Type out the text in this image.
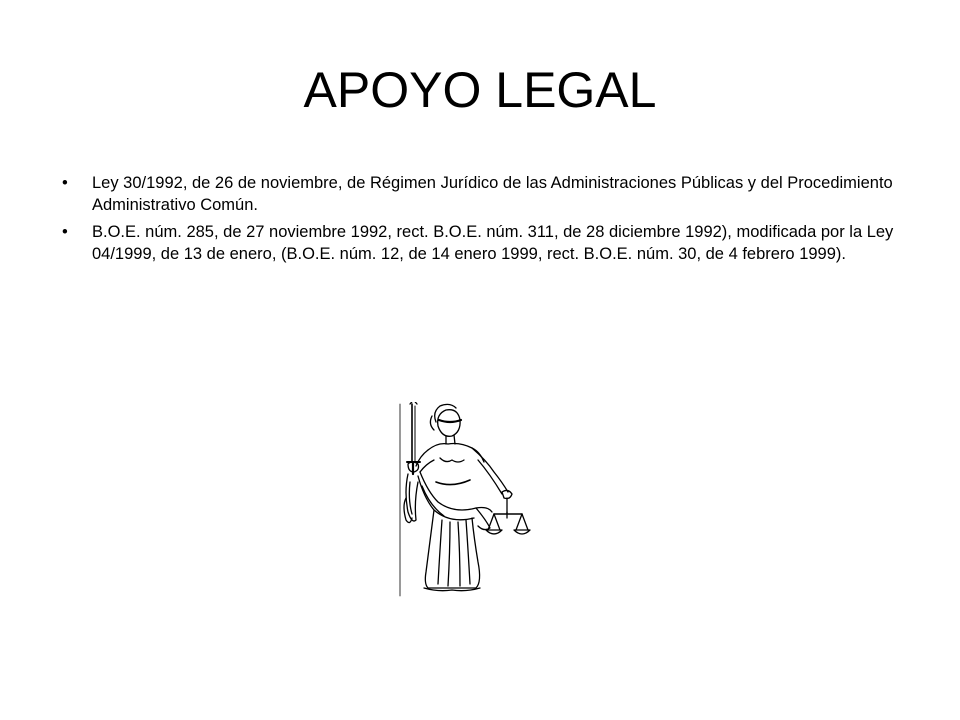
APOYO LEGAL
•	Ley 30/1992, de 26 de noviembre, de Régimen Jurídico de las Administraciones Públicas y del Procedimiento Administrativo Común.
•	B.O.E. núm. 285, de 27 noviembre 1992, rect. B.O.E. núm. 311, de 28 diciembre 1992), modificada por la Ley 04/1999, de 13 de enero, (B.O.E. núm. 12, de 14 enero 1999, rect. B.O.E. núm. 30, de 4 febrero 1999).
